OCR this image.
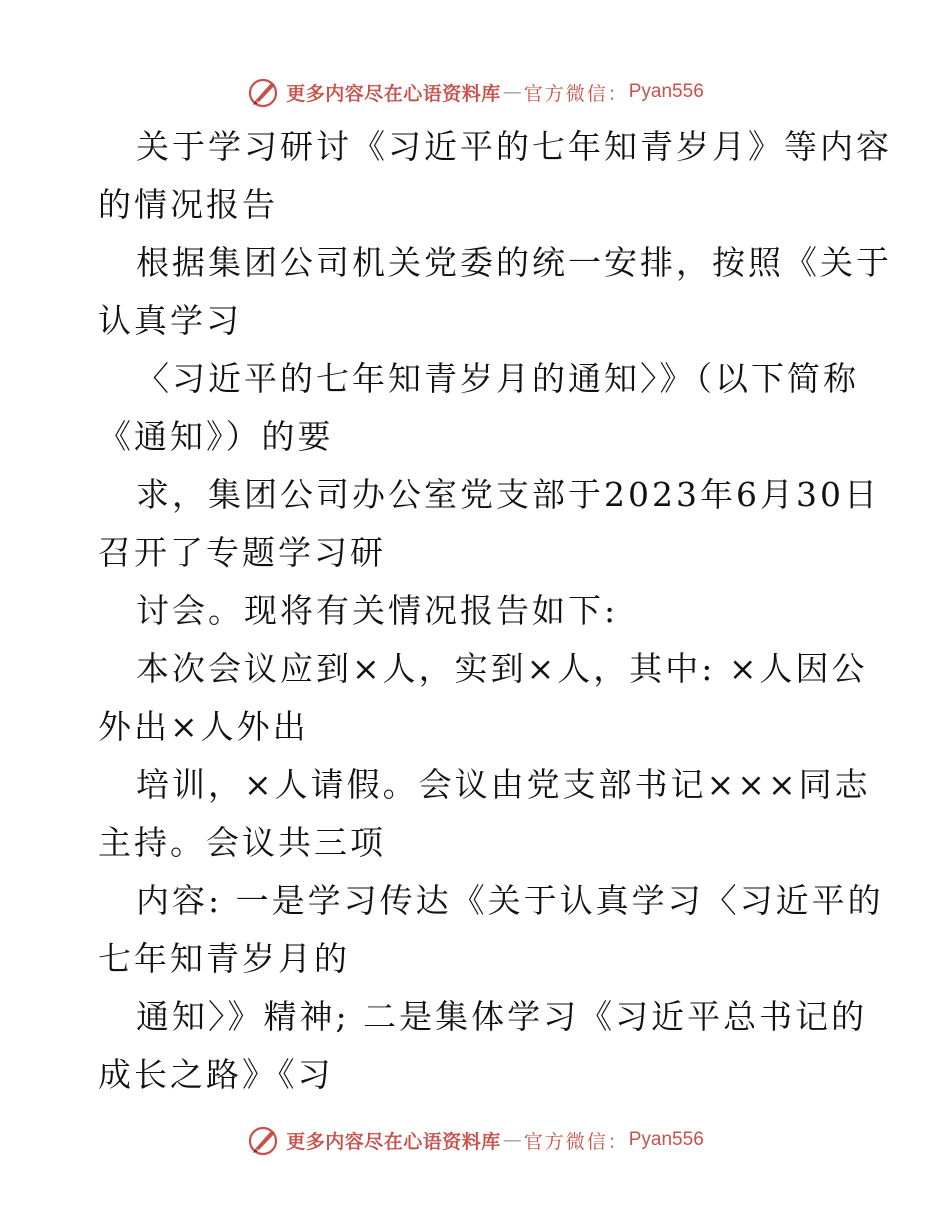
更多内容尽在心语资料库 — 官方微信： Pyan556
关于学习研讨《习近平的七年知青岁月》等内容
的情况报告
根据集团公司机关党委的统一安排，按照《关于
认真学习
〈习近平的七年知青岁月的通知〉》（以下简称
《通知》）的要
求，集团公司办公室党支部于2023年6月30日
召开了专题学习研
讨会。现将有关情况报告如下:
本次会议应到×人，实到×人，其中: ×人因公
外出×人外出
培训，×人请假。会议由党支部书记×××同志
主持。会议共三项
内容: 一是学习传达《关于认真学习〈习近平的
七年知青岁月的
通知〉》精神; 二是集体学习《习近平总书记的
成长之路》《习
更多内容尽在心语资料库 — 官方微信： Pyan556
